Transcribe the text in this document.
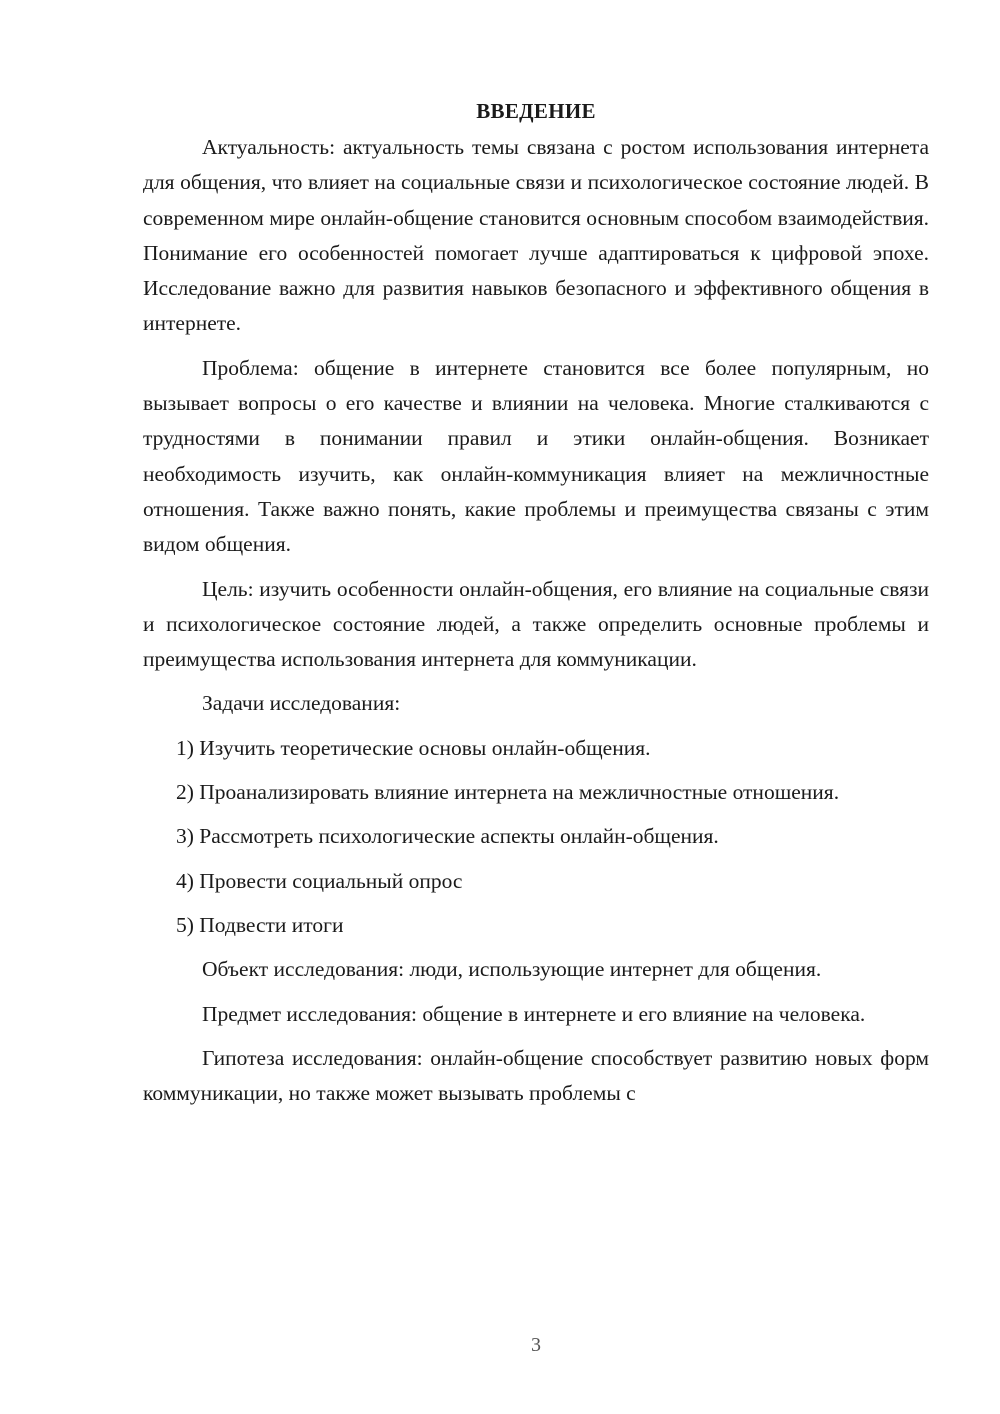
ВВЕДЕНИЕ

Актуальность: актуальность темы связана с ростом использования интернета для общения, что влияет на социальные связи и психологическое состояние людей. В современном мире онлайн-общение становится основным способом взаимодействия. Понимание его особенностей помогает лучше адаптироваться к цифровой эпохе. Исследование важно для развития навыков безопасного и эффективного общения в интернете.

Проблема: общение в интернете становится все более популярным, но вызывает вопросы о его качестве и влиянии на человека. Многие сталкиваются с трудностями в понимании правил и этики онлайн-общения. Возникает необходимость изучить, как онлайн-коммуникация влияет на межличностные отношения. Также важно понять, какие проблемы и преимущества связаны с этим видом общения.

Цель: изучить особенности онлайн-общения, его влияние на социальные связи и психологическое состояние людей, а также определить основные проблемы и преимущества использования интернета для коммуникации.

Задачи исследования:

1) Изучить теоретические основы онлайн-общения.

2) Проанализировать влияние интернета на межличностные отношения.

3) Рассмотреть психологические аспекты онлайн-общения.

4) Провести социальный опрос

5) Подвести итоги

Объект исследования: люди, использующие интернет для общения.

Предмет исследования: общение в интернете и его влияние на человека.

Гипотеза исследования: онлайн-общение способствует развитию новых форм коммуникации, но также может вызывать проблемы с

3
